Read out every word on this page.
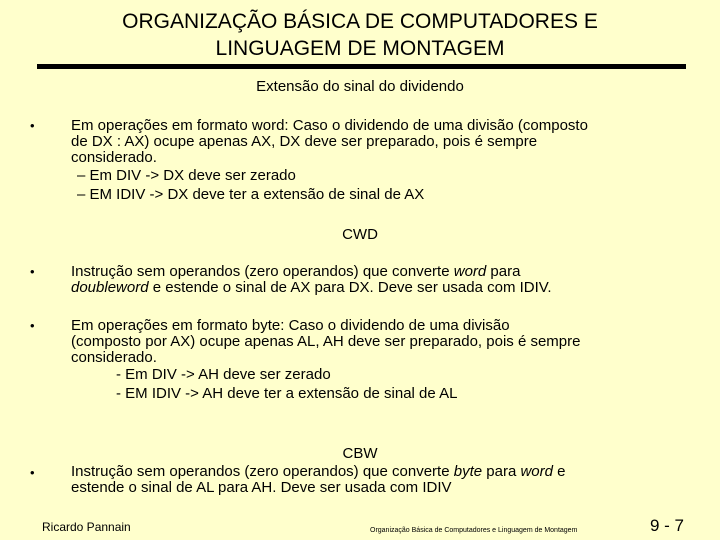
ORGANIZAÇÃO BÁSICA DE COMPUTADORES E
LINGUAGEM DE MONTAGEM
Extensão do sinal do dividendo
• Em operações em formato word: Caso o dividendo de uma divisão (composto
de DX : AX) ocupe apenas AX, DX deve ser preparado, pois é sempre
considerado.
– Em DIV -> DX deve ser zerado
– EM IDIV -> DX deve ter a extensão de sinal de AX
CWD
• Instrução sem operandos (zero operandos) que converte word para
doubleword e estende o sinal de AX para DX. Deve ser usada com IDIV.
• Em operações em formato byte: Caso o dividendo de uma divisão
(composto por AX) ocupe apenas AL, AH deve ser preparado, pois é sempre
considerado.
- Em DIV -> AH deve ser zerado
- EM IDIV -> AH deve ter a extensão de sinal de AL
CBW
• Instrução sem operandos (zero operandos) que converte byte para word e
estende o sinal de AL para AH. Deve ser usada com IDIV
Ricardo Pannain	Organização Básica de Computadores e Linguagem de Montagem	9 - 7
